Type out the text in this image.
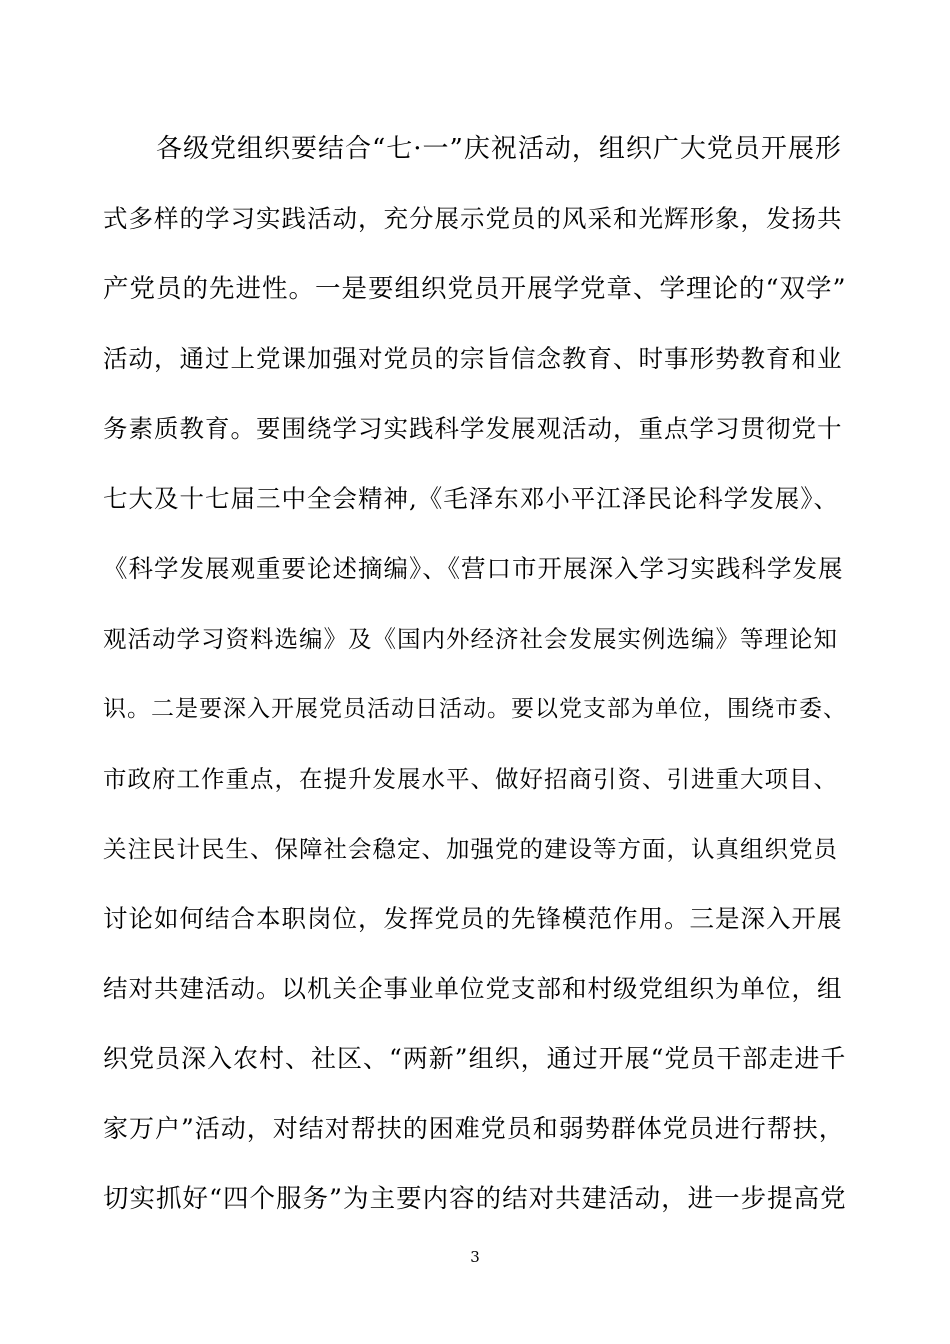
各级党组织要结合“七·一”庆祝活动，组织广大党员开展形
式多样的学习实践活动，充分展示党员的风采和光辉形象，发扬共
产党员的先进性。一是要组织党员开展学党章、学理论的“双学”
活动，通过上党课加强对党员的宗旨信念教育、时事形势教育和业
务素质教育。要围绕学习实践科学发展观活动，重点学习贯彻党十
七大及十七届三中全会精神,《毛泽东邓小平江泽民论科学发展》、
《科学发展观重要论述摘编》、《营口市开展深入学习实践科学发展
观活动学习资料选编》及《国内外经济社会发展实例选编》等理论知
识。二是要深入开展党员活动日活动。要以党支部为单位，围绕市委、
市政府工作重点，在提升发展水平、做好招商引资、引进重大项目、
关注民计民生、保障社会稳定、加强党的建设等方面，认真组织党员
讨论如何结合本职岗位，发挥党员的先锋模范作用。三是深入开展
结对共建活动。以机关企事业单位党支部和村级党组织为单位，组
织党员深入农村、社区、“两新”组织，通过开展“党员干部走进千
家万户”活动，对结对帮扶的困难党员和弱势群体党员进行帮扶，
切实抓好“四个服务”为主要内容的结对共建活动，进一步提高党
3
